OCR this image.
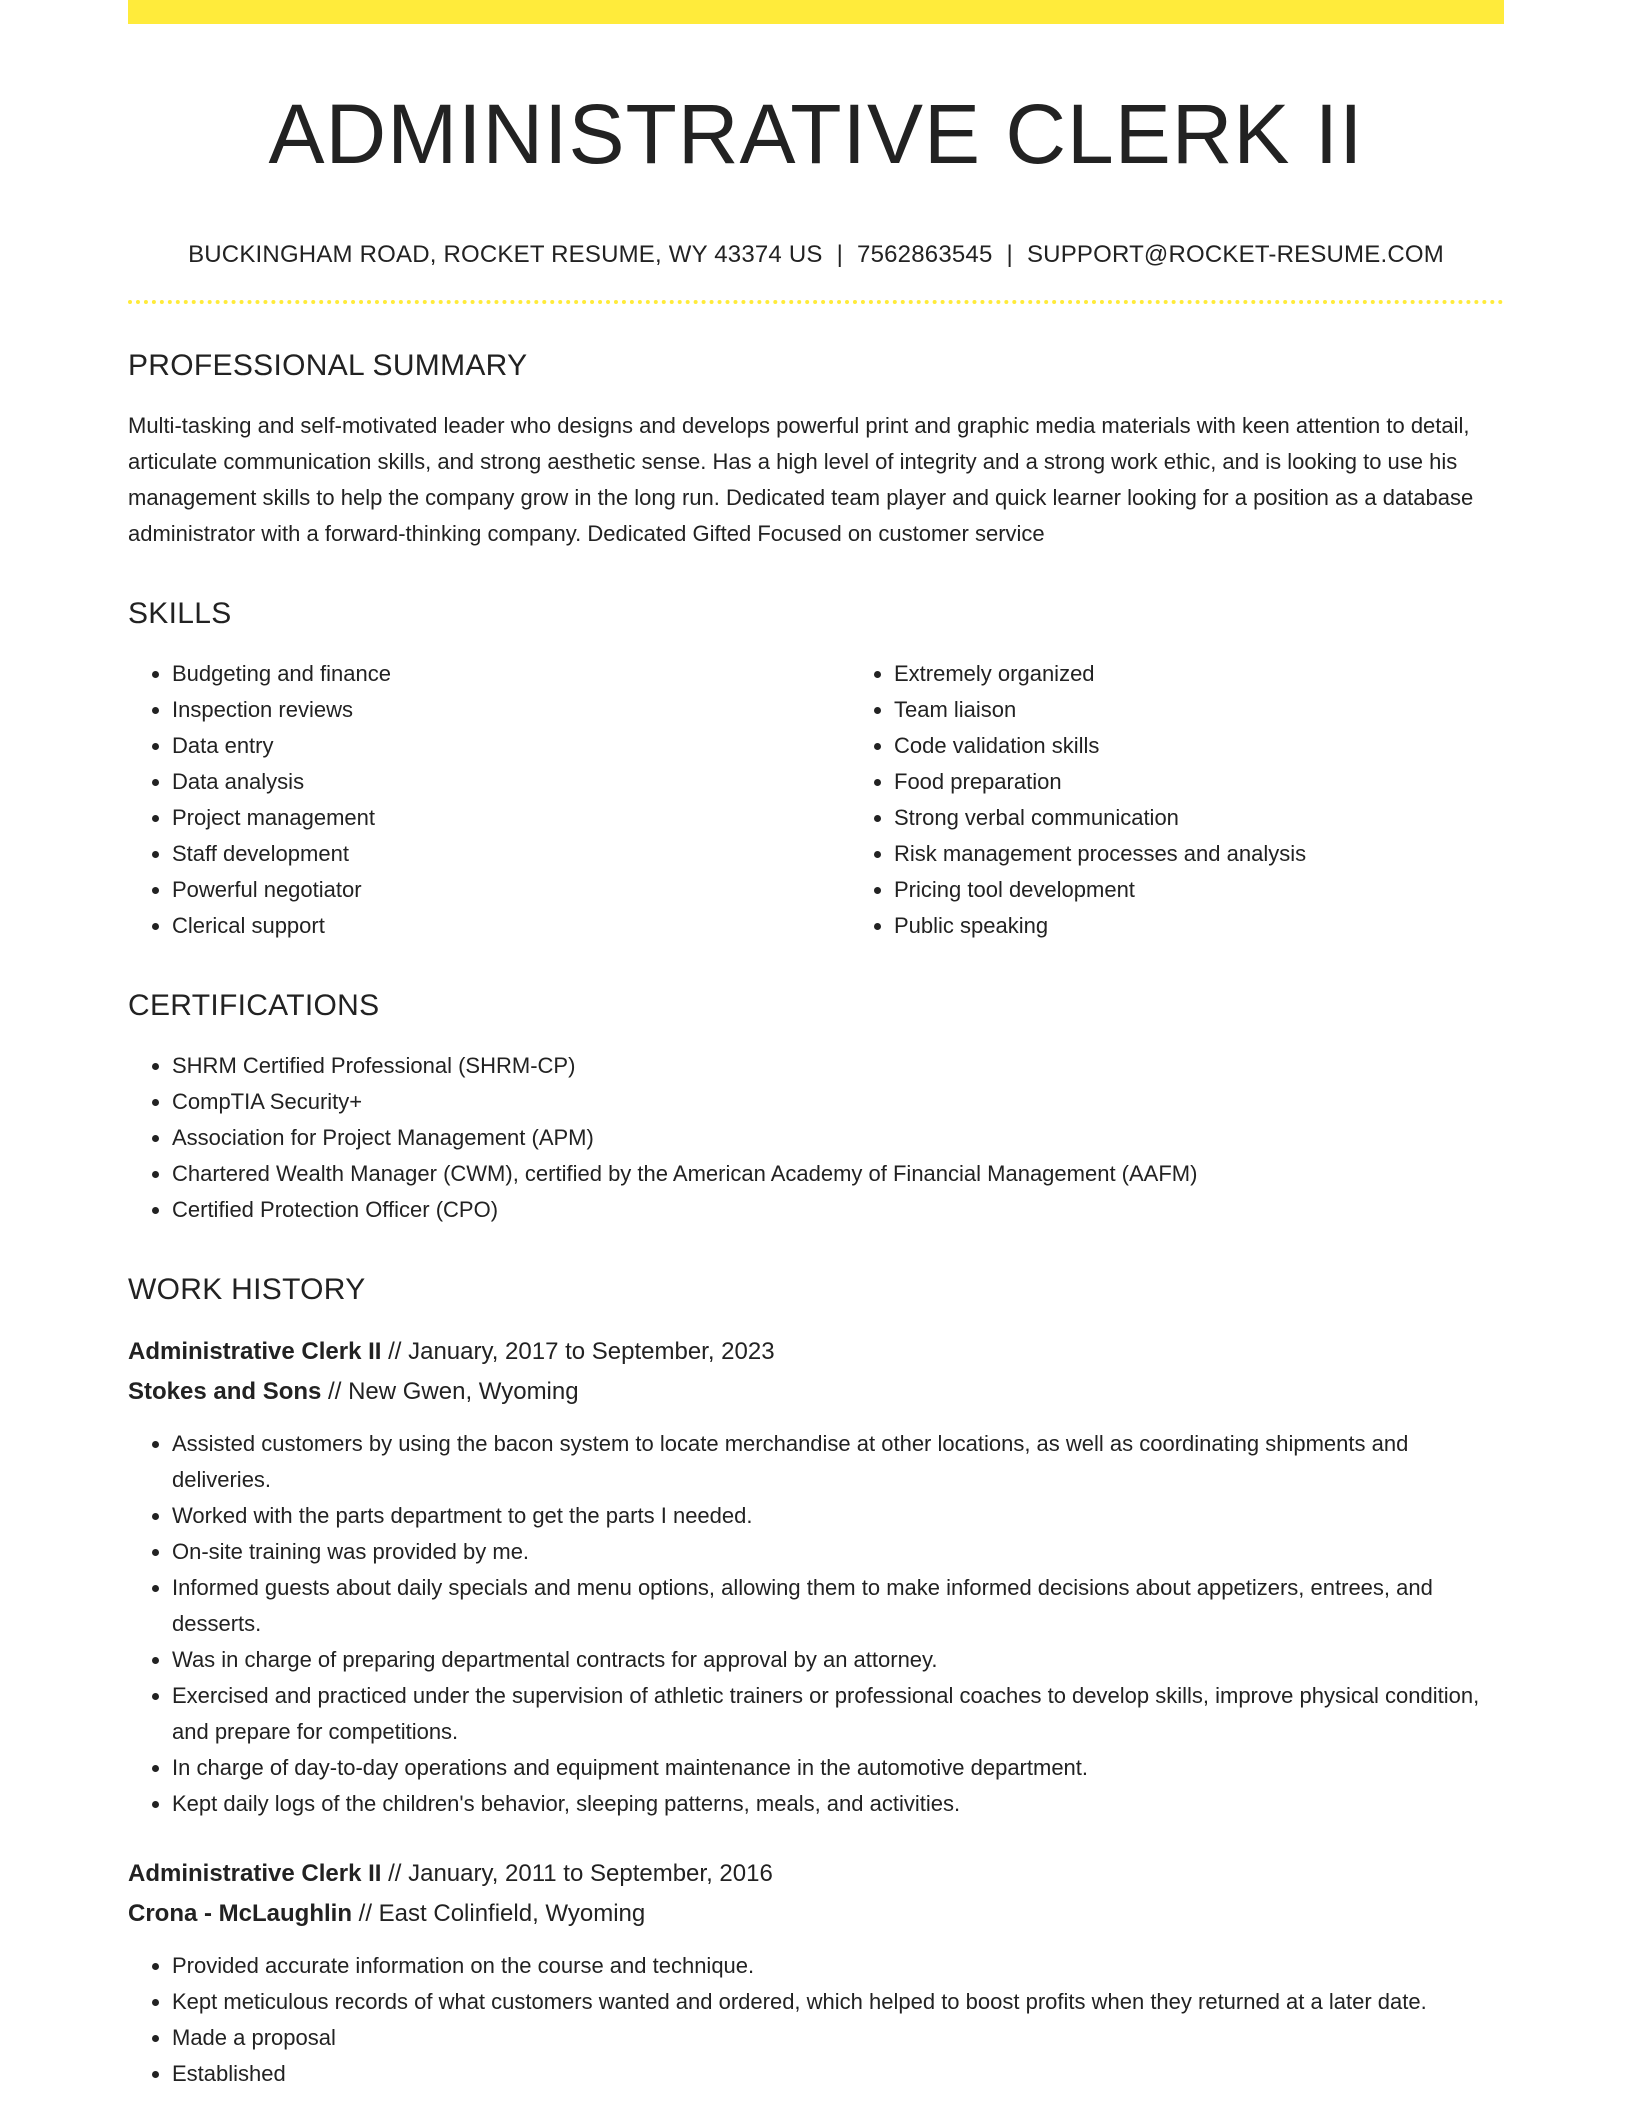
ADMINISTRATIVE CLERK II
BUCKINGHAM ROAD, ROCKET RESUME, WY 43374 US | 7562863545 | SUPPORT@ROCKET-RESUME.COM
PROFESSIONAL SUMMARY

Multi-tasking and self-motivated leader who designs and develops powerful print and graphic media materials with keen attention to detail, articulate communication skills, and strong aesthetic sense. Has a high level of integrity and a strong work ethic, and is looking to use his management skills to help the company grow in the long run. Dedicated team player and quick learner looking for a position as a database administrator with a forward-thinking company. Dedicated Gifted Focused on customer service

SKILLS
• Budgeting and finance
• Inspection reviews
• Data entry
• Data analysis
• Project management
• Staff development
• Powerful negotiator
• Clerical support
• Extremely organized
• Team liaison
• Code validation skills
• Food preparation
• Strong verbal communication
• Risk management processes and analysis
• Pricing tool development
• Public speaking
CERTIFICATIONS
• SHRM Certified Professional (SHRM-CP)
• CompTIA Security+
• Association for Project Management (APM)
• Chartered Wealth Manager (CWM), certified by the American Academy of Financial Management (AAFM)
• Certified Protection Officer (CPO)
WORK HISTORY
Administrative Clerk II // January, 2017 to September, 2023
Stokes and Sons // New Gwen, Wyoming
• Assisted customers by using the bacon system to locate merchandise at other locations, as well as coordinating shipments and deliveries.
• Worked with the parts department to get the parts I needed.
• On-site training was provided by me.
• Informed guests about daily specials and menu options, allowing them to make informed decisions about appetizers, entrees, and desserts.
• Was in charge of preparing departmental contracts for approval by an attorney.
• Exercised and practiced under the supervision of athletic trainers or professional coaches to develop skills, improve physical condition, and prepare for competitions.
• In charge of day-to-day operations and equipment maintenance in the automotive department.
• Kept daily logs of the children's behavior, sleeping patterns, meals, and activities.
Administrative Clerk II // January, 2011 to September, 2016
Crona - McLaughlin // East Colinfield, Wyoming
• Provided accurate information on the course and technique.
• Kept meticulous records of what customers wanted and ordered, which helped to boost profits when they returned at a later date.
• Made a proposal
• Established
